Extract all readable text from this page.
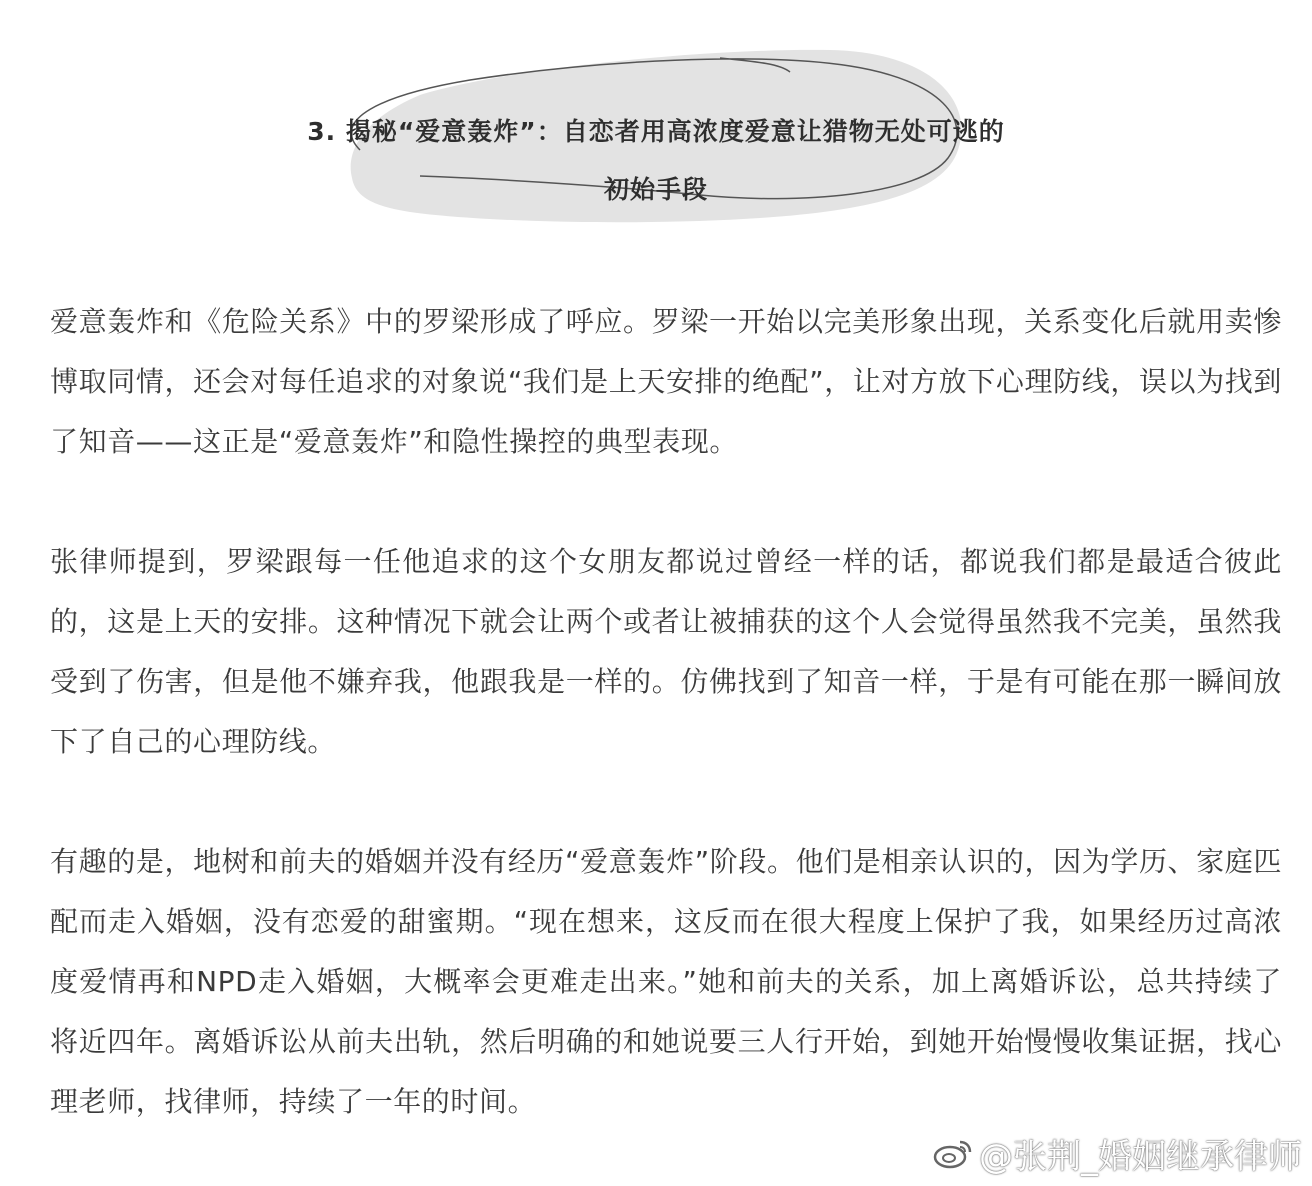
3. 揭秘“爱意轰炸”：自恋者用高浓度爱意让猎物无处可逃的
初始手段

爱意轰炸和《危险关系》中的罗梁形成了呼应。罗梁一开始以完美形象出现，关系变化后就用卖惨博取同情，还会对每任追求的对象说“我们是上天安排的绝配”，让对方放下心理防线，误以为找到了知音——这正是“爱意轰炸”和隐性操控的典型表现。

张律师提到，罗梁跟每一任他追求的这个女朋友都说过曾经一样的话，都说我们都是最适合彼此的，这是上天的安排。这种情况下就会让两个或者让被捕获的这个人会觉得虽然我不完美，虽然我受到了伤害，但是他不嫌弃我，他跟我是一样的。仿佛找到了知音一样，于是有可能在那一瞬间放下了自己的心理防线。

有趣的是，地树和前夫的婚姻并没有经历“爱意轰炸”阶段。他们是相亲认识的，因为学历、家庭匹配而走入婚姻，没有恋爱的甜蜜期。“现在想来，这反而在很大程度上保护了我，如果经历过高浓度爱情再和NPD走入婚姻，大概率会更难走出来。”她和前夫的关系，加上离婚诉讼，总共持续了将近四年。离婚诉讼从前夫出轨，然后明确的和她说要三人行开始，到她开始慢慢收集证据，找心理老师，找律师，持续了一年的时间。

@张荆_婚姻继承律师
